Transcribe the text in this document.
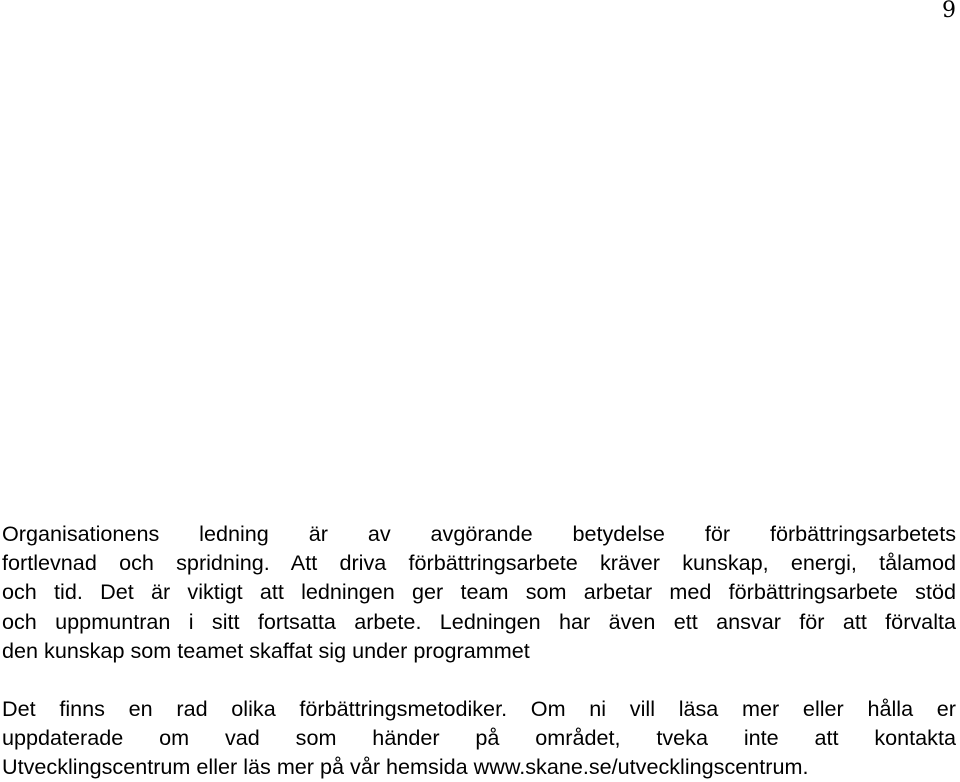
9
Organisationens ledning är av avgörande betydelse för förbättringsarbetets
fortlevnad och spridning. Att driva förbättringsarbete kräver kunskap, energi, tålamod
och tid. Det är viktigt att ledningen ger team som arbetar med förbättringsarbete stöd
och uppmuntran i sitt fortsatta arbete. Ledningen har även ett ansvar för att förvalta
den kunskap som teamet skaffat sig under programmet
Det finns en rad olika förbättringsmetodiker. Om ni vill läsa mer eller hålla er
uppdaterade om vad som händer på området, tveka inte att kontakta
Utvecklingscentrum eller läs mer på vår hemsida www.skane.se/utvecklingscentrum.
